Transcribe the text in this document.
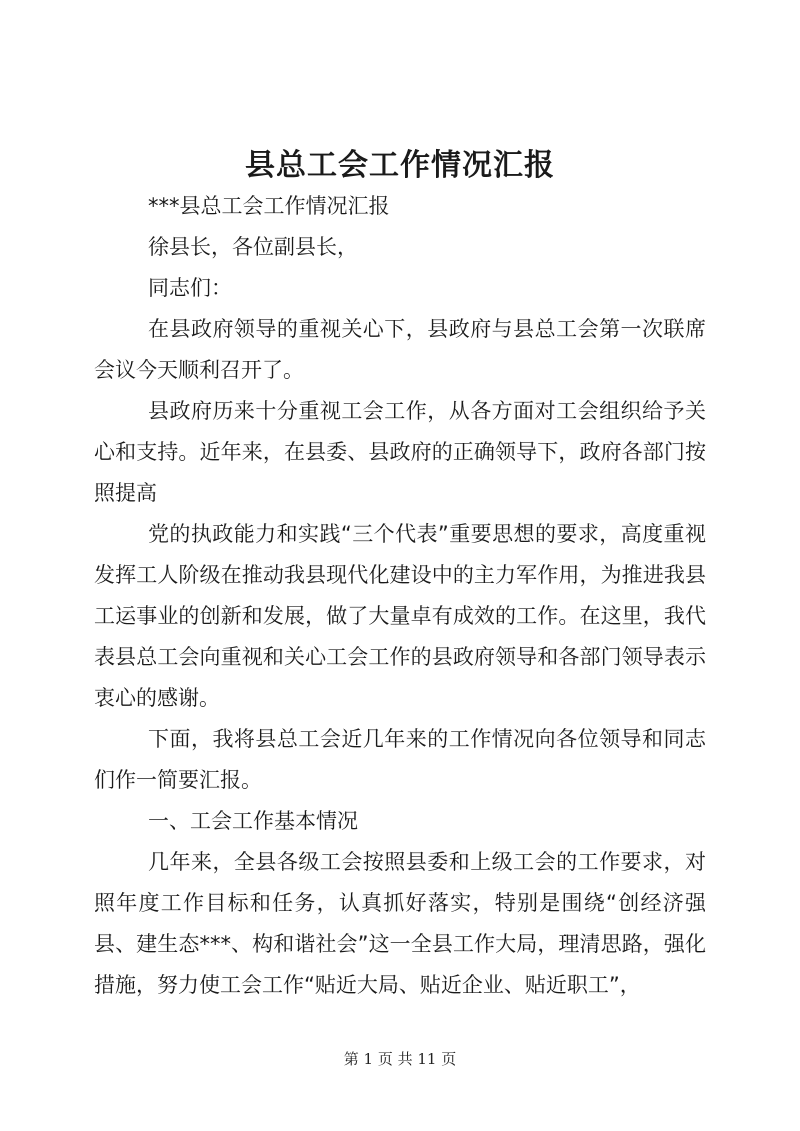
县总工会工作情况汇报

***县总工会工作情况汇报

徐县长，各位副县长，

同志们：

在县政府领导的重视关心下，县政府与县总工会第一次联席会议今天顺利召开了。

县政府历来十分重视工会工作，从各方面对工会组织给予关心和支持。近年来，在县委、县政府的正确领导下，政府各部门按照提高

党的执政能力和实践“三个代表”重要思想的要求，高度重视发挥工人阶级在推动我县现代化建设中的主力军作用，为推进我县工运事业的创新和发展，做了大量卓有成效的工作。在这里，我代表县总工会向重视和关心工会工作的县政府领导和各部门领导表示衷心的感谢。

下面，我将县总工会近几年来的工作情况向各位领导和同志们作一简要汇报。

一、工会工作基本情况

几年来，全县各级工会按照县委和上级工会的工作要求，对照年度工作目标和任务，认真抓好落实，特别是围绕“创经济强县、建生态***、构和谐社会”这一全县工作大局，理清思路，强化措施，努力使工会工作“贴近大局、贴近企业、贴近职工”，

第 1 页 共 11 页
